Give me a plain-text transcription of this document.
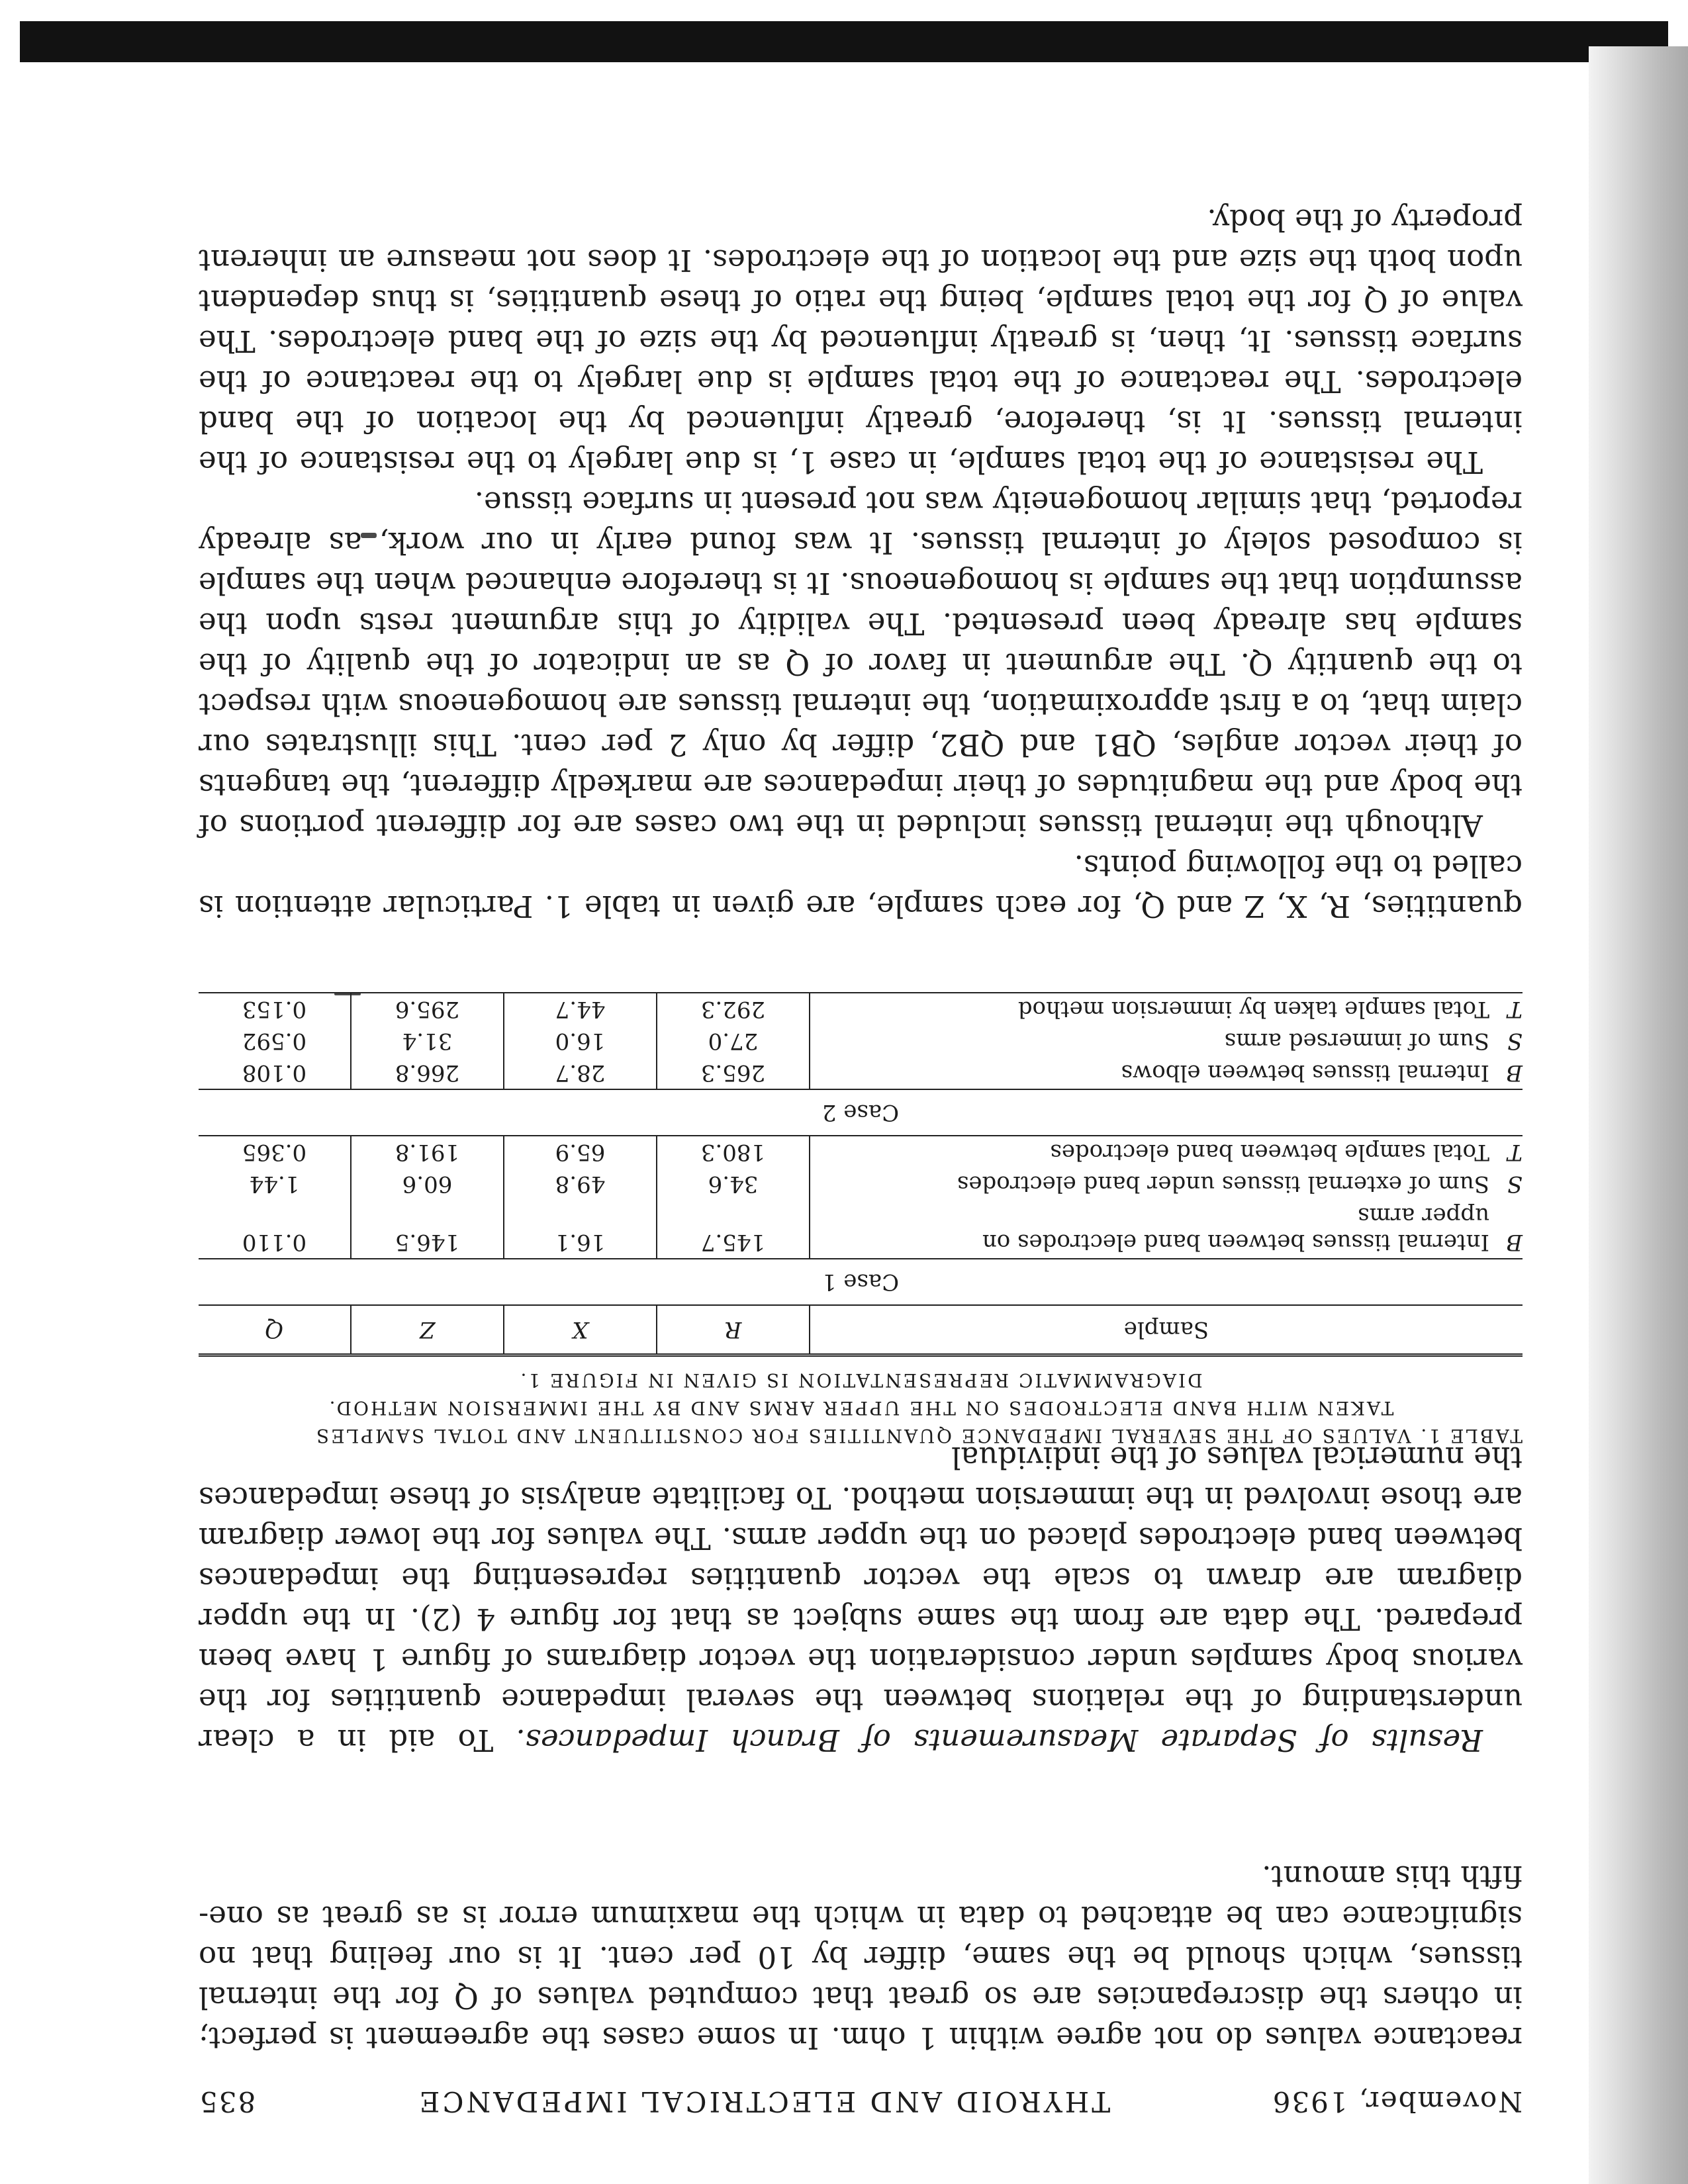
November, 1936
THYROID AND ELECTRICAL IMPEDANCE
835

reactance values do not agree within 1 ohm. In some cases the agreement is perfect; in others the discrepancies are so great that computed values of Q for the internal tissues, which should be the same, differ by 10 per cent. It is our feeling that no significance can be attached to data in which the maximum error is as great as one-fifth this amount.

Results of Separate Measurements of Branch Impedances. To aid in a clear understanding of the relations between the several impedance quantities for the various body samples under consideration the vector diagrams of figure 1 have been prepared. The data are from the same subject as that for figure 4 (2). In the upper diagram are drawn to scale the vector quantities representing the impedances between band electrodes placed on the upper arms. The values for the lower diagram are those involved in the immersion method. To facilitate analysis of these impedances the numerical values of the individual

TABLE 1. VALUES OF THE SEVERAL IMPEDANCE QUANTITIES FOR CONSTITUENT AND TOTAL SAMPLES

TAKEN WITH BAND ELECTRODES ON THE UPPER ARMS AND BY THE IMMERSION METHOD.
DIAGRAMMATIC REPRESENTATION IS GIVEN IN FIGURE 1.
Sample	R	X	Z	Q
Case 1				
BInternal tissues between band electrodes on upper arms	145.7	16.1	146.5	0.110
SSum of external tissues under band electrodes	34.6	49.8	60.6	1.44
TTotal sample between band electrodes	180.3	65.9	191.8	0.365
Case 2				
BInternal tissues between elbows	265.3	28.7	266.8	0.108
SSum of immersed arms	27.0	16.0	31.4	0.592
TTotal sample taken by immersion method	292.3	44.7	295.6	0.153

quantities, R, X, Z and Q, for each sample, are given in table 1. Particular attention is called to the following points.

Although the internal tissues included in the two cases are for different portions of the body and the magnitudes of their impedances are markedly different, the tangents of their vector angles, QB1 and QB2, differ by only 2 per cent. This illustrates our claim that, to a first approximation, the internal tissues are homogeneous with respect to the quantity Q. The argument in favor of Q as an indicator of the quality of the sample has already been presented. The validity of this argument rests upon the assumption that the sample is homogeneous. It is therefore enhanced when the sample is composed solely of internal tissues. It was found early in our work, as already reported, that similar homogeneity was not present in surface tissue.

The resistance of the total sample, in case 1, is due largely to the resistance of the internal tissues. It is, therefore, greatly influenced by the location of the band electrodes. The reactance of the total sample is due largely to the reactance of the surface tissues. It, then, is greatly influenced by the size of the band electrodes. The value of Q for the total sample, being the ratio of these quantities, is thus dependent upon both the size and the location of the electrodes. It does not measure an inherent property of the body.
